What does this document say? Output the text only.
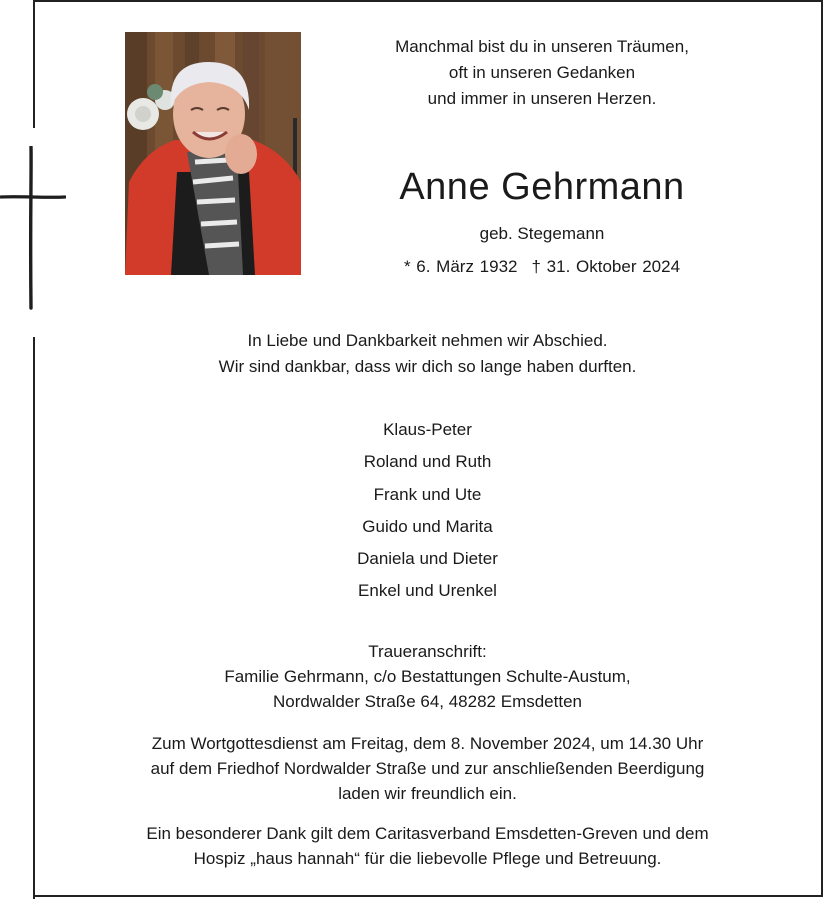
Manchmal bist du in unseren Träumen,
oft in unseren Gedanken
und immer in unseren Herzen.
Anne Gehrmann
geb. Stegemann
* 6. März 1932 † 31. Oktober 2024
In Liebe und Dankbarkeit nehmen wir Abschied.
Wir sind dankbar, dass wir dich so lange haben durften.
Klaus-Peter
Roland und Ruth
Frank und Ute
Guido und Marita
Daniela und Dieter
Enkel und Urenkel
Traueranschrift:
Familie Gehrmann, c/o Bestattungen Schulte-Austum,
Nordwalder Straße 64, 48282 Emsdetten
Zum Wortgottesdienst am Freitag, dem 8. November 2024, um 14.30 Uhr
auf dem Friedhof Nordwalder Straße und zur anschließenden Beerdigung
laden wir freundlich ein.
Ein besonderer Dank gilt dem Caritasverband Emsdetten-Greven und dem
Hospiz „haus hannah“ für die liebevolle Pflege und Betreuung.
